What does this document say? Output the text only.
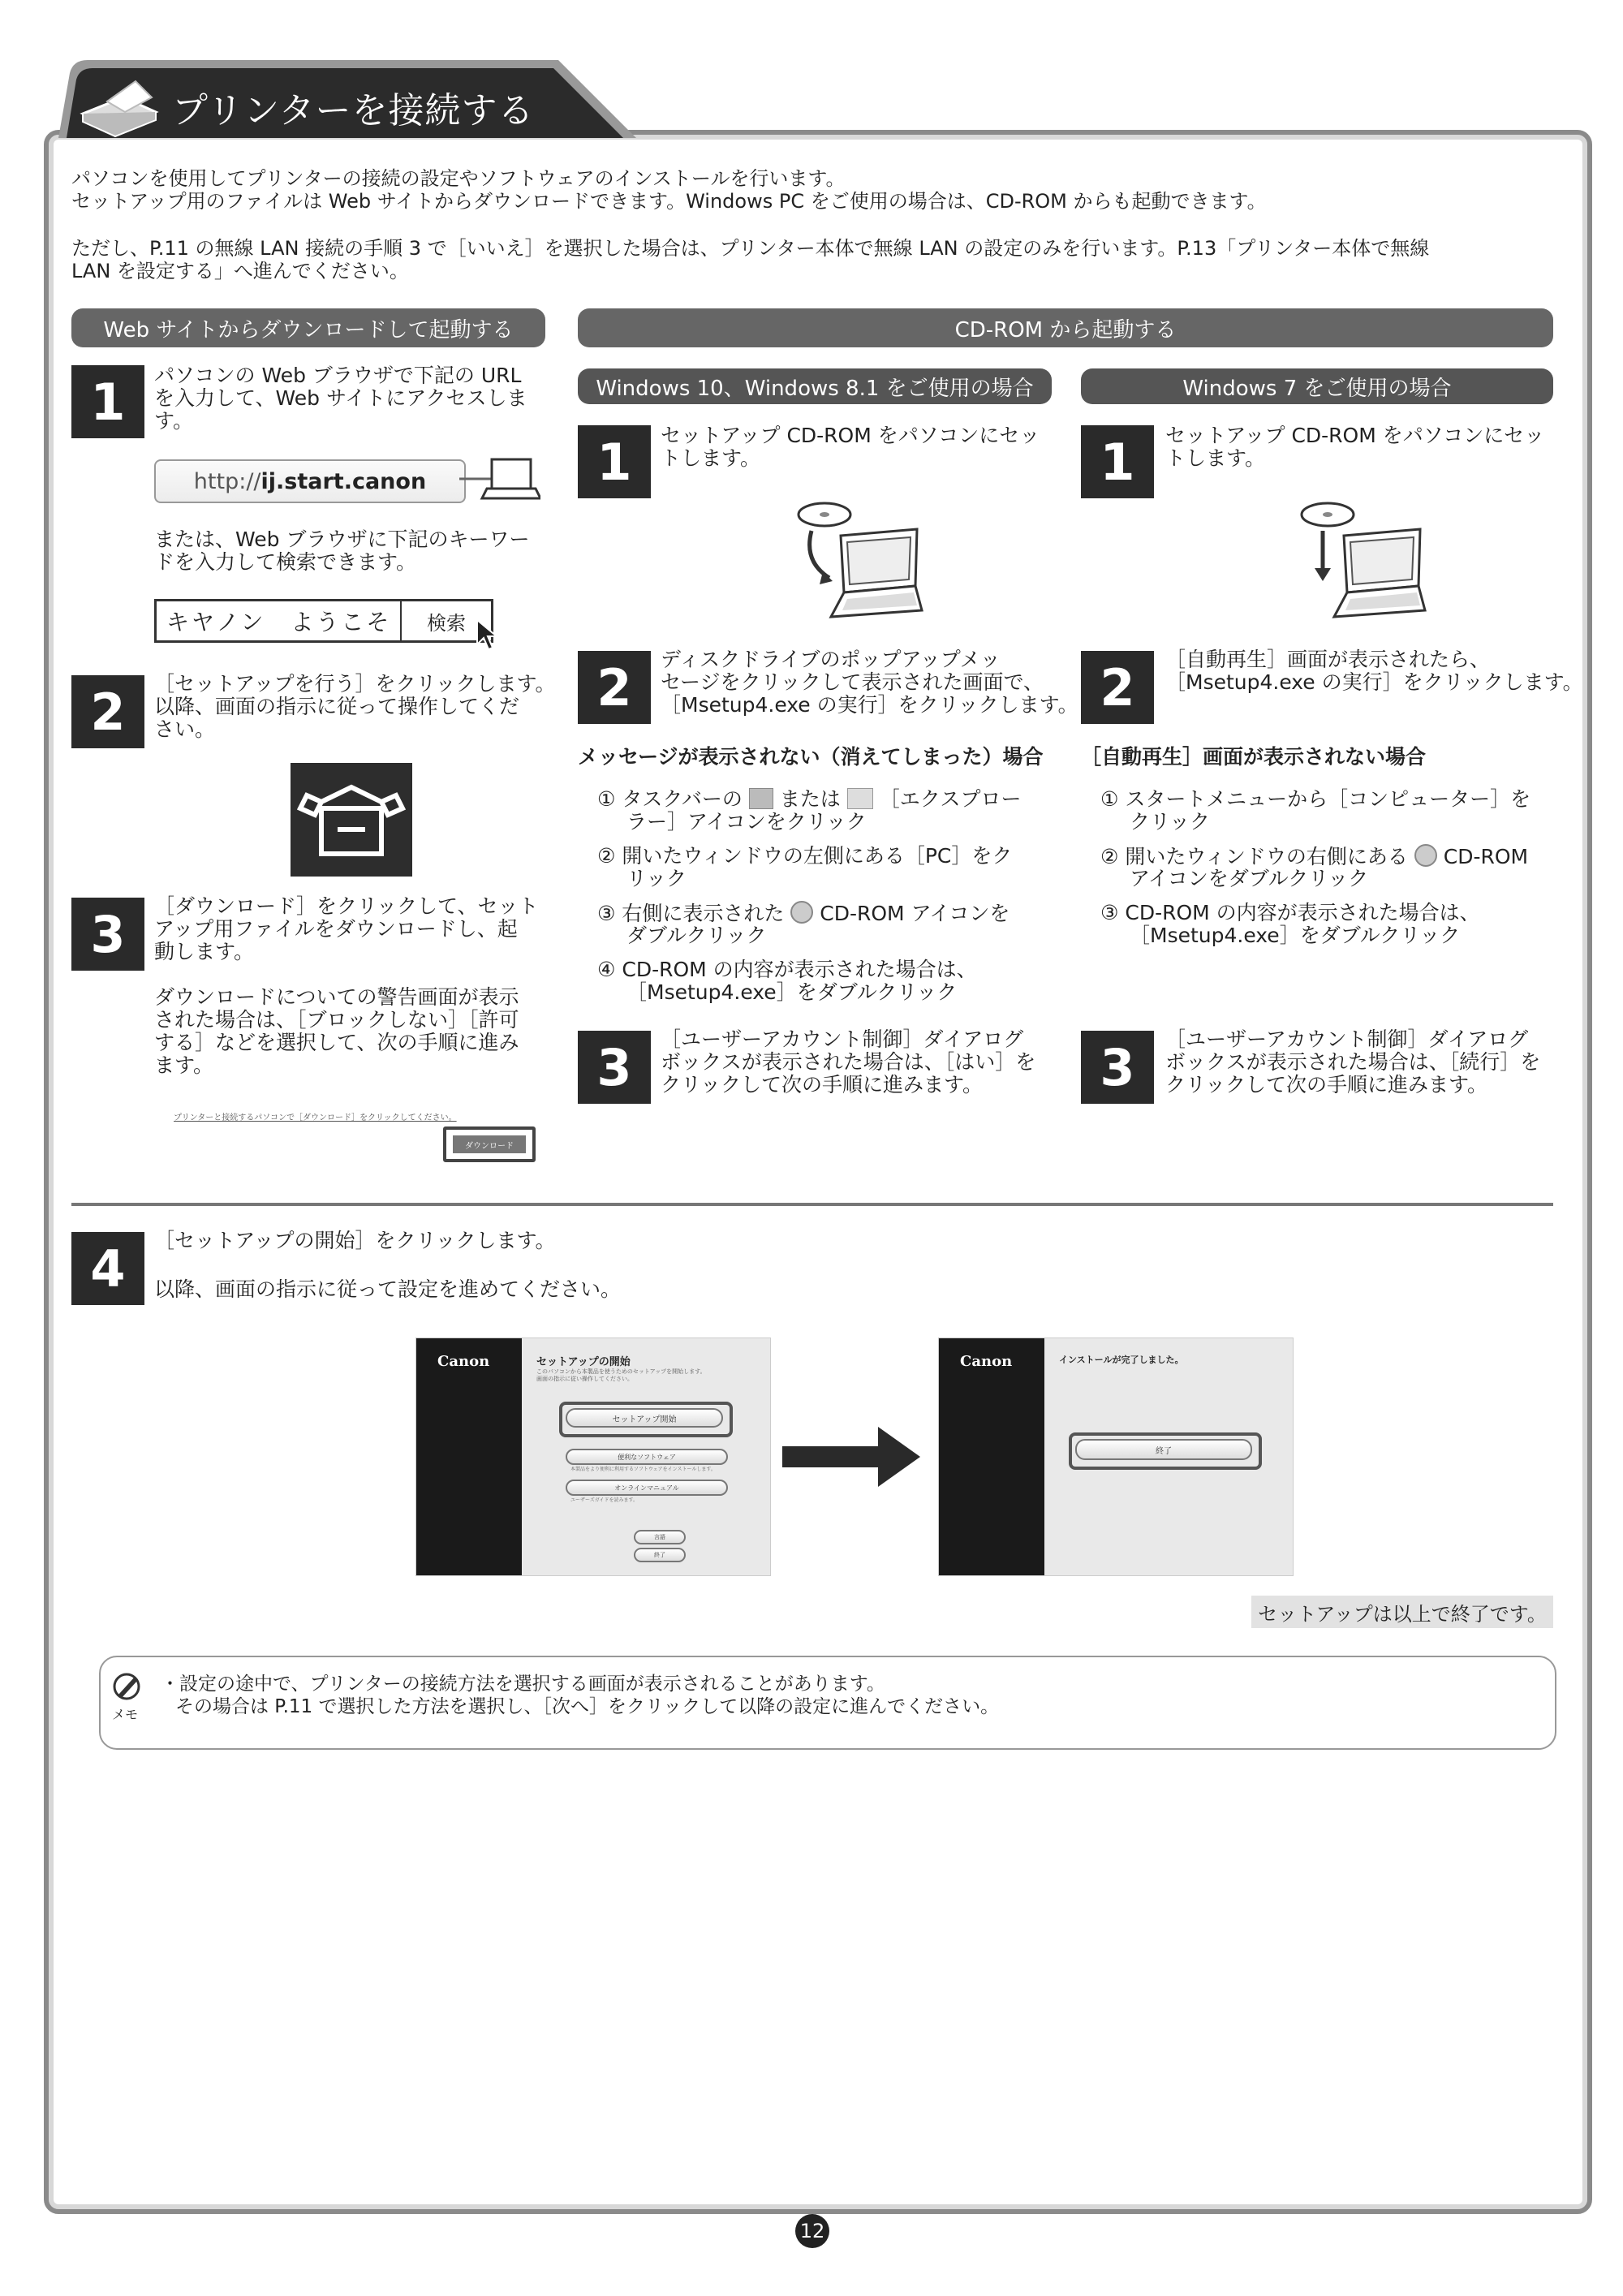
プリンターを接続する
パソコンを使用してプリンターの接続の設定やソフトウェアのインストールを行います。
セットアップ用のファイルは Web サイトからダウンロードできます。Windows PC をご使用の場合は、CD-ROM からも起動できます。
ただし、P.11 の無線 LAN 接続の手順 3 で［いいえ］を選択した場合は、プリンター本体で無線 LAN の設定のみを行います。P.13「プリンター本体で無線
LAN を設定する」へ進んでください。
Web サイトからダウンロードして起動する	CD-ROM から起動する
Windows 10、Windows 8.1 をご使用の場合	Windows 7 をご使用の場合
1	パソコンの Web ブラウザで下記の URL
を入力して、Web サイトにアクセスしま
す。
http:// ij.start.canon
または、Web ブラウザに下記のキーワー
ドを入力して検索できます。
キヤノン　ようこそ	検索
2	［セットアップを行う］をクリックします。
以降、画面の指示に従って操作してくだ
さい。
3	［ダウンロード］をクリックして、セット
アップ用ファイルをダウンロードし、起
動します。
ダウンロードについての警告画面が表示
された場合は、［ブロックしない］［許可
する］などを選択して、次の手順に進み
ます。
プリンターと接続するパソコンで［ダウンロード］をクリックしてください。
ダウンロード
1	セットアップ CD-ROM をパソコンにセッ
トします。
2	ディスクドライブのポップアップメッ
セージをクリックして表示された画面で、
［Msetup4.exe の実行］をクリックします。
メッセージが表示されない（消えてしまった）場合
① タスクバーの または ［エクスプロー
ラー］アイコンをクリック
② 開いたウィンドウの左側にある［PC］をク
リック
③ 右側に表示された CD-ROM アイコンを
ダブルクリック
④ CD-ROM の内容が表示された場合は、
［Msetup4.exe］をダブルクリック
3	［ユーザーアカウント制御］ダイアログ
ボックスが表示された場合は、［はい］を
クリックして次の手順に進みます。
1	セットアップ CD-ROM をパソコンにセッ
トします。
2	［自動再生］画面が表示されたら、
［Msetup4.exe の実行］をクリックします。
［自動再生］画面が表示されない場合
① スタートメニューから［コンピューター］を
クリック
② 開いたウィンドウの右側にある CD-ROM
アイコンをダブルクリック
③ CD-ROM の内容が表示された場合は、
［Msetup4.exe］をダブルクリック
3	［ユーザーアカウント制御］ダイアログ
ボックスが表示された場合は、［続行］を
クリックして次の手順に進みます。
4	［セットアップの開始］をクリックします。
以降、画面の指示に従って設定を進めてください。
Canon	セットアップの開始
このパソコンから本製品を使うためのセットアップを開始します。
画面の指示に従い操作してください。
セットアップ開始
便利なソフトウェア
本製品をより便利に利用するソフトウェアをインストールします。
オンラインマニュアル
ユーザーズガイドを読みます。
言語
終了
Canon	インストールが完了しました。
終了
セットアップは以上で終了です。
メモ
・設定の途中で、プリンターの接続方法を選択する画面が表示されることがあります。
その場合は P.11 で選択した方法を選択し、［次へ］をクリックして以降の設定に進んでください。
12
